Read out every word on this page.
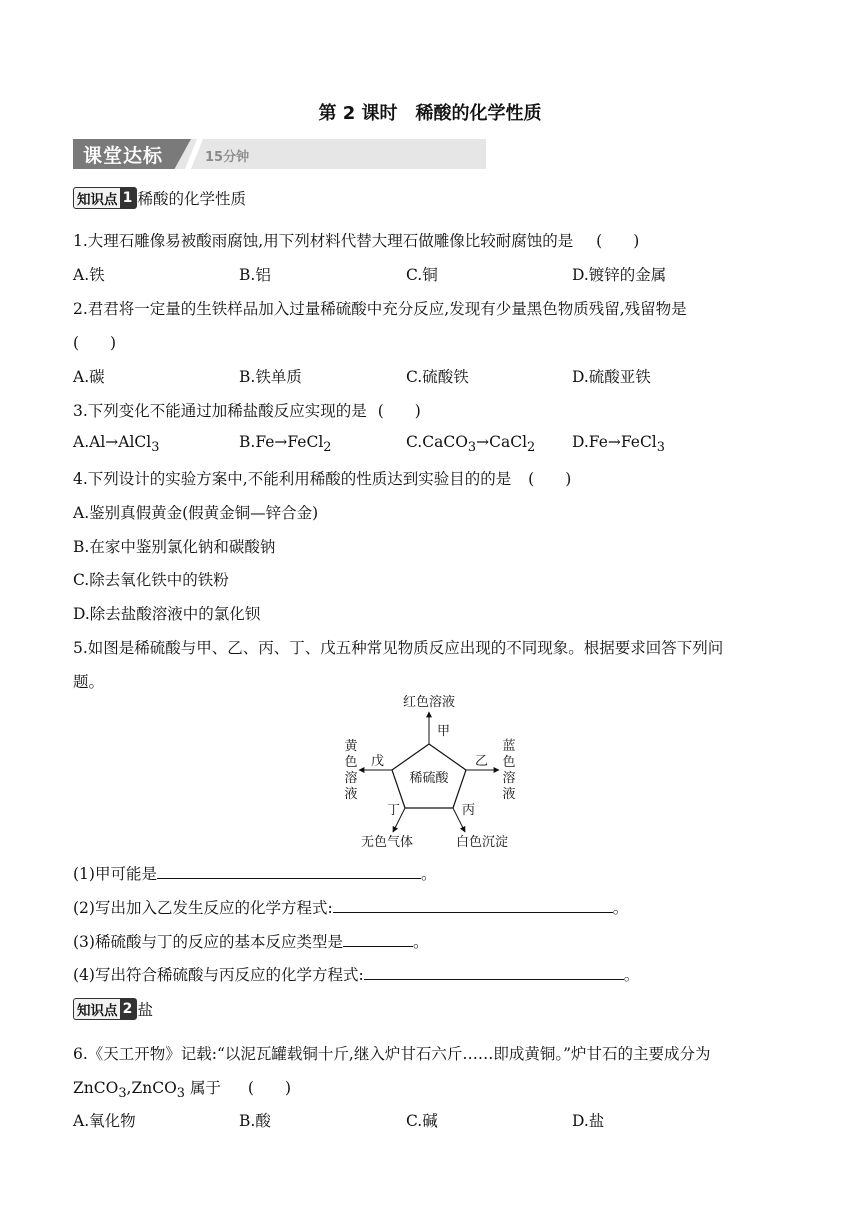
第 2 课时　稀酸的化学性质
课堂达标	15分钟
知识点 1 稀酸的化学性质
1.大理石雕像易被酸雨腐蚀,用下列材料代替大理石做雕像比较耐腐蚀的是 (　　)
A.铁	B.铝	C.铜	D.镀锌的金属
2.君君将一定量的生铁样品加入过量稀硫酸中充分反应,发现有少量黑色物质残留,残留物是
(　　)
A.碳	B.铁单质	C.硫酸铁	D.硫酸亚铁
3.下列变化不能通过加稀盐酸反应实现的是 (　　)
A.Al→AlCl$_3$	B.Fe→FeCl$_2$	C.CaCO$_3$→CaCl$_2$ D.Fe→FeCl$_3$
4.下列设计的实验方案中,不能利用稀酸的性质达到实验目的的是 (　　)
A.鉴别真假黄金(假黄金铜—锌合金)
B.在家中鉴别氯化钠和碳酸钠
C.除去氧化铁中的铁粉
D.除去盐酸溶液中的氯化钡
5.如图是稀硫酸与甲、乙、丙、丁、戊五种常见物质反应出现的不同现象。根据要求回答下列问
题。
稀硫酸
红色溶液
甲
乙
戊
丁	丙
无色气体	白色沉淀
蓝
色
溶
液
黄
色
溶
液
(1)甲可能是	。
(2)写出加入乙发生反应的化学方程式:	。
(3)稀硫酸与丁的反应的基本反应类型是	。
(4)写出符合稀硫酸与丙反应的化学方程式:	。
知识点 2 盐
6.《天工开物》记载:“以泥瓦罐载铜十斤,继入炉甘石六斤……即成黄铜。”炉甘石的主要成分为
ZnCO$_3$,ZnCO$_3$ 属于 (　　)
A.氧化物	B.酸	C.碱	D.盐
